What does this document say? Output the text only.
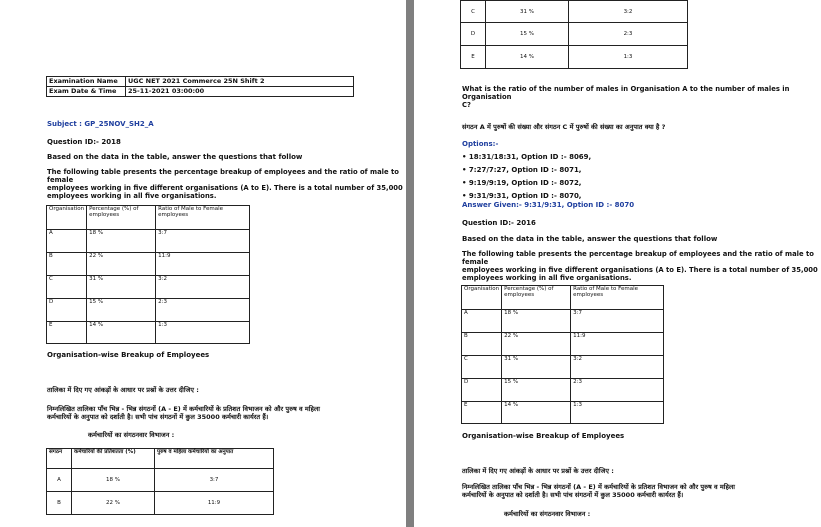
Examination Name	UGC NET 2021 Commerce 25N Shift 2
Exam Date & Time	25-11-2021 03:00:00
Subject : GP_25NOV_SH2_A
Question ID:- 2018
Based on the data in the table, answer the questions that follow
The following table presents the percentage breakup of employees and the ratio of male to female
employees working in five different organisations (A to E). There is a total number of 35,000
employees working in all five organisations.
Organisation	Percentage (%) of employees	Ratio of Male to Female employees
A	18 %	3:7
B	22 %	11:9
C	31 %	3:2
D	15 %	2:3
E	14 %	1:3
Organisation-wise Breakup of Employees
तालिका में दिए गए आंकड़ों के आधार पर प्रश्नों के उत्तर दीजिए :
निम्नलिखित तालिका पाँच भिन्न - भिन्न संगठनों (A - E) में कर्मचारियों के प्रतिशत विभाजन को और पुरुष व महिला
कर्मचारियों के अनुपात को दर्शाती है। सभी पांच संगठनों में कुल 35000 कर्मचारी कार्यरत हैं।
कर्मचारियों का संगठनवार विभाजन :
संगठन	कर्मचारियों की प्रतिशतता (%)	पुरुष व महिला कर्मचारियों का अनुपात
A	18 %	3:7
B	22 %	11:9
C	31 %	3:2
D	15 %	2:3
E	14 %	1:3
What is the ratio of the number of males in Organisation A to the number of males in Organisation
C?
संगठन A में पुरुषों की संख्या और संगठन C में पुरुषों की संख्या का अनुपात क्या है ?
Options:-
• 18:31/18:31, Option ID :- 8069,
• 7:27/7:27, Option ID :- 8071,
• 9:19/9:19, Option ID :- 8072,
• 9:31/9:31, Option ID :- 8070,
Answer Given:- 9:31/9:31, Option ID :- 8070
Question ID:- 2016
Based on the data in the table, answer the questions that follow
The following table presents the percentage breakup of employees and the ratio of male to female
employees working in five different organisations (A to E). There is a total number of 35,000
employees working in all five organisations.
Organisation	Percentage (%) of employees	Ratio of Male to Female employees
A	18 %	3:7
B	22 %	11:9
C	31 %	3:2
D	15 %	2:3
E	14 %	1:3
Organisation-wise Breakup of Employees
तालिका में दिए गए आंकड़ों के आधार पर प्रश्नों के उत्तर दीजिए :
निम्नलिखित तालिका पाँच भिन्न - भिन्न संगठनों (A - E) में कर्मचारियों के प्रतिशत विभाजन को और पुरुष व महिला
कर्मचारियों के अनुपात को दर्शाती है। सभी पांच संगठनों में कुल 35000 कर्मचारी कार्यरत हैं।
कर्मचारियों का संगठनवार विभाजन :
